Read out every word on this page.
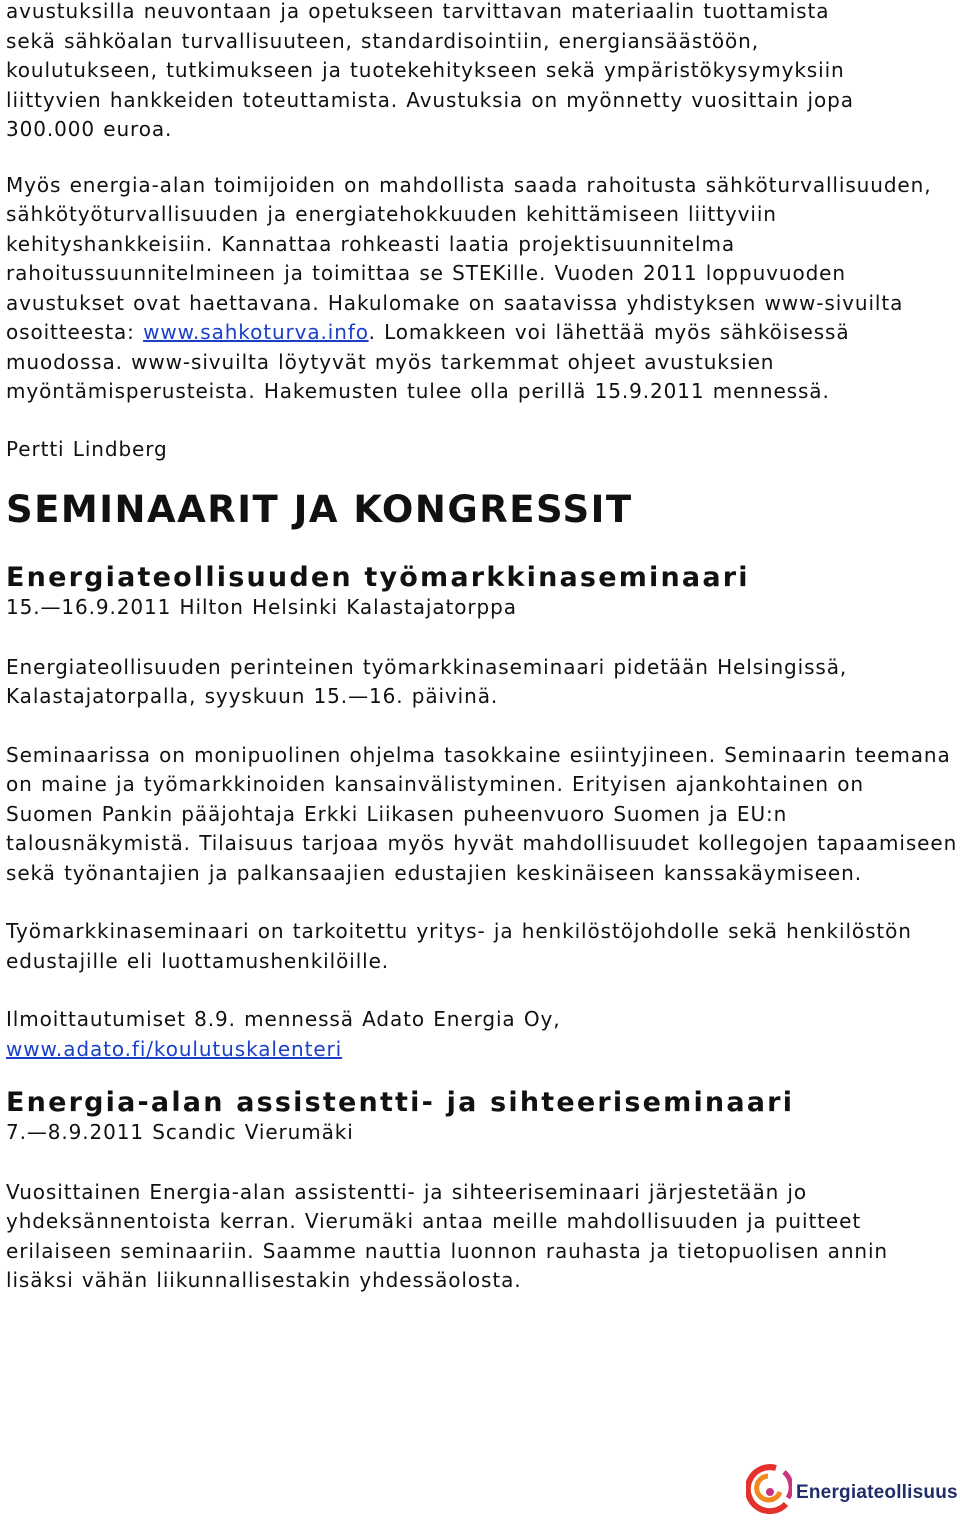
avustuksilla neuvontaan ja opetukseen tarvittavan materiaalin tuottamista

sekä sähköalan turvallisuuteen, standardisointiin, energiansäästöön,

koulutukseen, tutkimukseen ja tuotekehitykseen sekä ympäristökysymyksiin

liittyvien hankkeiden toteuttamista. Avustuksia on myönnetty vuosittain jopa

300.000 euroa.

Myös energia-alan toimijoiden on mahdollista saada rahoitusta sähköturvallisuuden, sähkötyöturvallisuuden ja energiatehokkuuden kehittämiseen liittyviin kehityshankkeisiin. Kannattaa rohkeasti laatia projektisuunnitelma rahoitussuunnitelmineen ja toimittaa se STEKille. Vuoden 2011 loppuvuoden avustukset ovat haettavana. Hakulomake on saatavissa yhdistyksen www-sivuilta osoitteesta: www.sahkoturva.info. Lomakkeen voi lähettää myös sähköisessä muodossa. www-sivuilta löytyvät myös tarkemmat ohjeet avustuksien myöntämisperusteista. Hakemusten tulee olla perillä 15.9.2011 mennessä.

Pertti Lindberg

SEMINAARIT JA KONGRESSIT
Energiateollisuuden työmarkkinaseminaari

15.—16.9.2011 Hilton Helsinki Kalastajatorppa

Energiateollisuuden perinteinen työmarkkinaseminaari pidetään Helsingissä, Kalastajatorpalla, syyskuun 15.—16. päivinä.

Seminaarissa on monipuolinen ohjelma tasokkaine esiintyjineen. Seminaarin teemana on maine ja työmarkkinoiden kansainvälistyminen. Erityisen ajankohtainen on Suomen Pankin pääjohtaja Erkki Liikasen puheenvuoro Suomen ja EU:n talousnäkymistä. Tilaisuus tarjoaa myös hyvät mahdollisuudet kollegojen tapaamiseen sekä työnantajien ja palkansaajien edustajien keskinäiseen kanssakäymiseen.

Työmarkkinaseminaari on tarkoitettu yritys- ja henkilöstöjohdolle sekä henkilöstön edustajille eli luottamushenkilöille.

Ilmoittautumiset 8.9. mennessä Adato Energia Oy,
www.adato.fi/koulutuskalenteri

Energia-alan assistentti- ja sihteeriseminaari

7.—8.9.2011 Scandic Vierumäki

Vuosittainen Energia-alan assistentti- ja sihteeriseminaari järjestetään jo yhdeksännentoista kerran. Vierumäki antaa meille mahdollisuuden ja puitteet erilaiseen seminaariin. Saamme nauttia luonnon rauhasta ja tietopuolisen annin lisäksi vähän liikunnallisestakin yhdessäolosta.

Energiateollisuus
